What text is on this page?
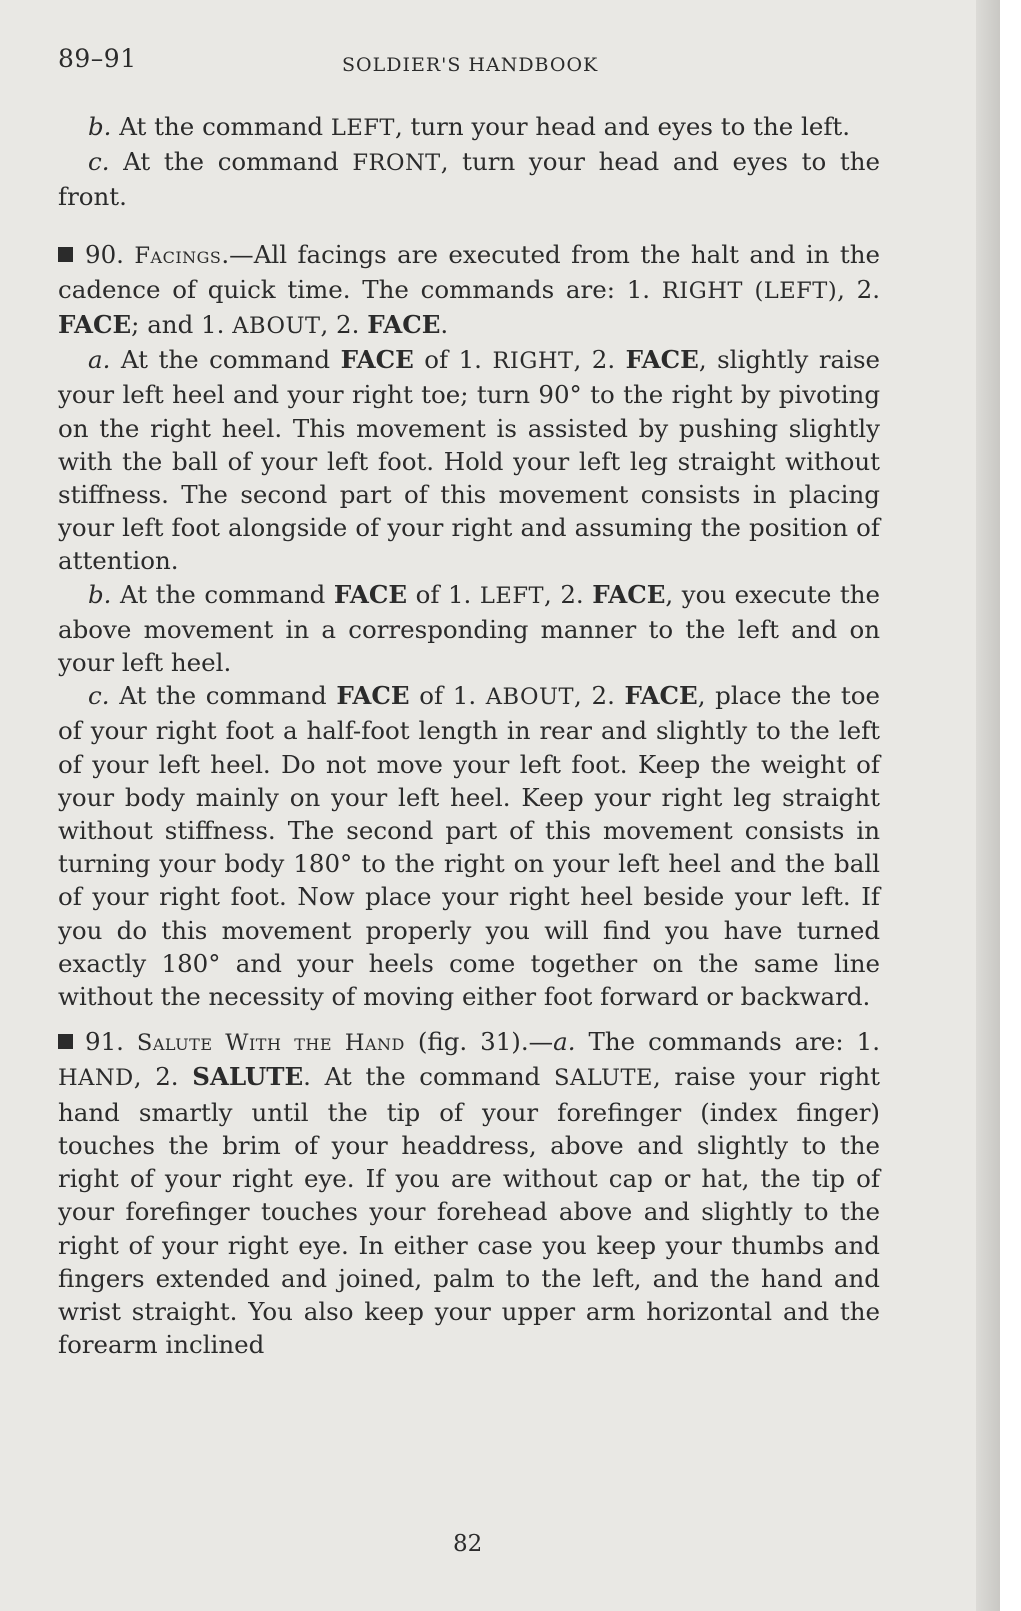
89–91	SOLDIER'S HANDBOOK

b. At the command LEFT, turn your head and eyes to the left.

c. At the command FRONT, turn your head and eyes to the front.

90. Facings.—All facings are executed from the halt and in the cadence of quick time. The commands are: 1. RIGHT (LEFT), 2. FACE; and 1. ABOUT, 2. FACE.

a. At the command FACE of 1. RIGHT, 2. FACE, slightly raise your left heel and your right toe; turn 90° to the right by pivoting on the right heel. This movement is assisted by pushing slightly with the ball of your left foot. Hold your left leg straight without stiffness. The second part of this movement consists in placing your left foot alongside of your right and assuming the position of attention.

b. At the command FACE of 1. LEFT, 2. FACE, you execute the above movement in a corresponding manner to the left and on your left heel.

c. At the command FACE of 1. ABOUT, 2. FACE, place the toe of your right foot a half-foot length in rear and slightly to the left of your left heel. Do not move your left foot. Keep the weight of your body mainly on your left heel. Keep your right leg straight without stiffness. The second part of this movement consists in turning your body 180° to the right on your left heel and the ball of your right foot. Now place your right heel beside your left. If you do this movement properly you will find you have turned exactly 180° and your heels come together on the same line without the necessity of moving either foot forward or backward.

91. Salute With the Hand (fig. 31).—a. The commands are: 1. HAND, 2. SALUTE. At the command SALUTE, raise your right hand smartly until the tip of your forefinger (index finger) touches the brim of your headdress, above and slightly to the right of your right eye. If you are without cap or hat, the tip of your forefinger touches your forehead above and slightly to the right of your right eye. In either case you keep your thumbs and fingers extended and joined, palm to the left, and the hand and wrist straight. You also keep your upper arm horizontal and the forearm inclined

82
